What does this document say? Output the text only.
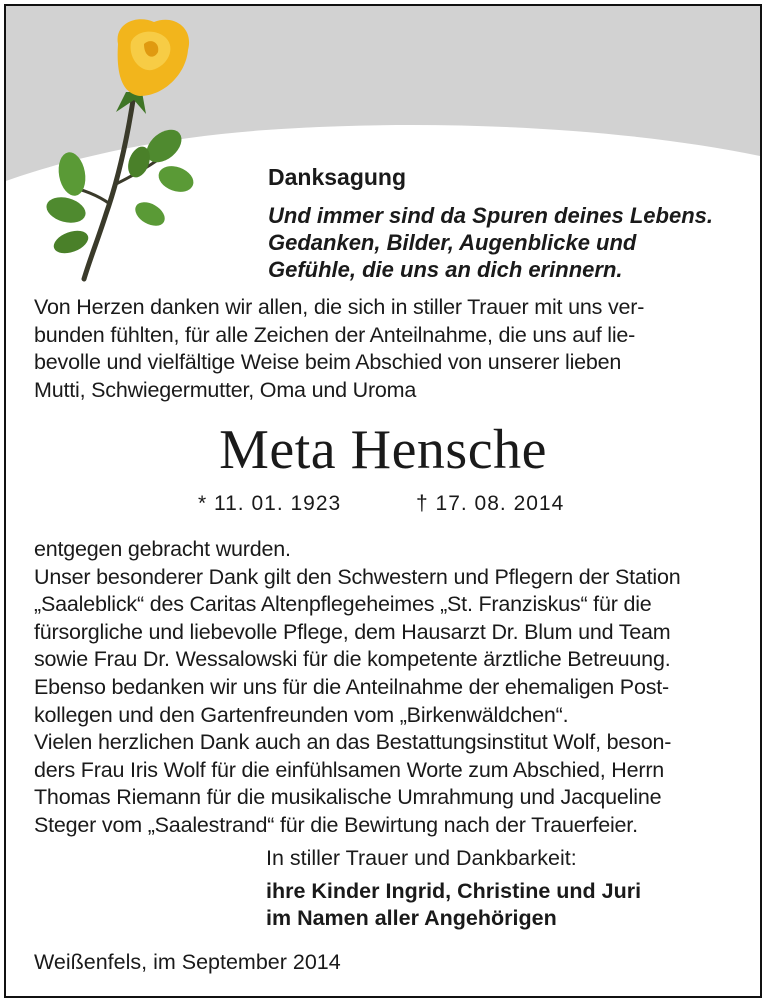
Danksagung
Und immer sind da Spuren deines Lebens.
Gedanken, Bilder, Augenblicke und
Gefühle, die uns an dich erinnern.
Von Herzen danken wir allen, die sich in stiller Trauer mit uns ver-
bunden fühlten, für alle Zeichen der Anteilnahme, die uns auf lie-
bevolle und vielfältige Weise beim Abschied von unserer lieben
Mutti, Schwiegermutter, Oma und Uroma
Meta Hensche
* 11. 01. 1923	† 17. 08. 2014
entgegen gebracht wurden.
Unser besonderer Dank gilt den Schwestern und Pflegern der Station
„Saaleblick“ des Caritas Altenpflegeheimes „St. Franziskus“ für die
fürsorgliche und liebevolle Pflege, dem Hausarzt Dr. Blum und Team
sowie Frau Dr. Wessalowski für die kompetente ärztliche Betreuung.
Ebenso bedanken wir uns für die Anteilnahme der ehemaligen Post-
kollegen und den Gartenfreunden vom „Birkenwäldchen“.
Vielen herzlichen Dank auch an das Bestattungsinstitut Wolf, beson-
ders Frau Iris Wolf für die einfühlsamen Worte zum Abschied, Herrn
Thomas Riemann für die musikalische Umrahmung und Jacqueline
Steger vom „Saalestrand“ für die Bewirtung nach der Trauerfeier.
In stiller Trauer und Dankbarkeit:
ihre Kinder Ingrid, Christine und Juri
im Namen aller Angehörigen
Weißenfels, im September 2014
